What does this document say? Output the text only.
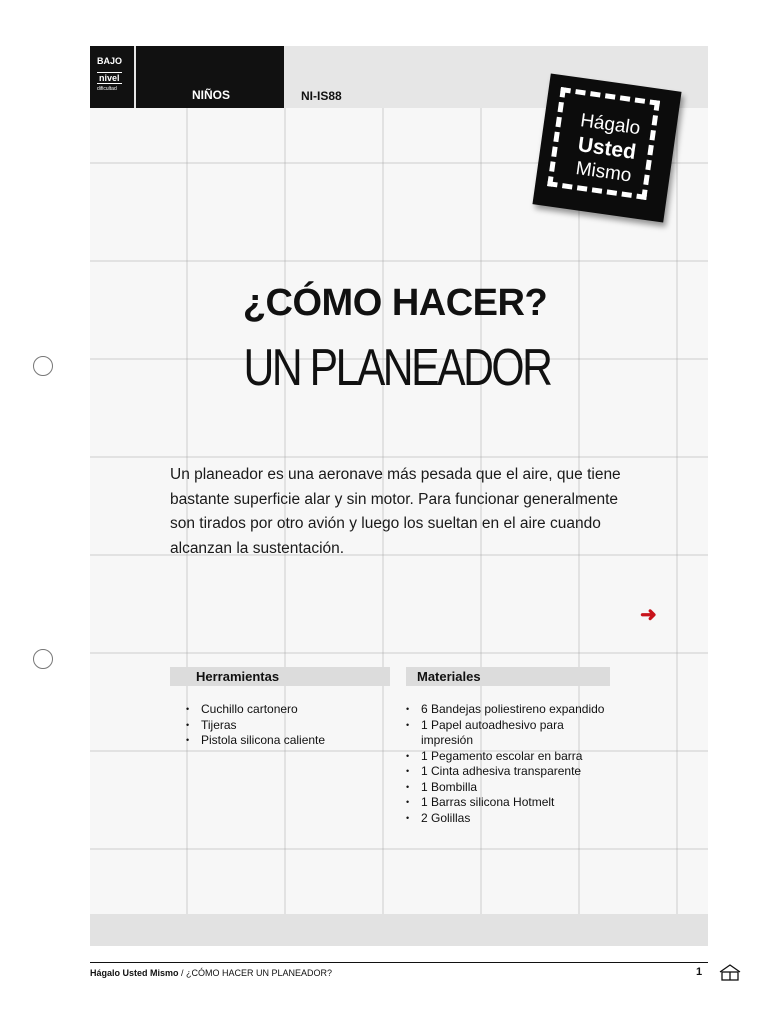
BAJO
nivel
dificultad	NIÑOS	NI-IS88
Hágalo
Usted
Mismo
¿CÓMO HACER?
UN PLANEADOR
Un planeador es una aeronave más pesada que el aire, que tiene bastante superficie alar y sin motor. Para funcionar generalmente son tirados por otro avión y luego los sueltan en el aire cuando alcanzan la sustentación.
➜
Herramientas
• Cuchillo cartonero
• Tijeras
• Pistola silicona caliente
Materiales
• 6 Bandejas poliestireno expandido
• 1 Papel autoadhesivo para impresión
• 1 Pegamento escolar en barra
• 1 Cinta adhesiva transparente
• 1 Bombilla
• 1 Barras silicona Hotmelt
• 2 Golillas
Hágalo Usted Mismo / ¿CÓMO HACER UN PLANEADOR?	1
